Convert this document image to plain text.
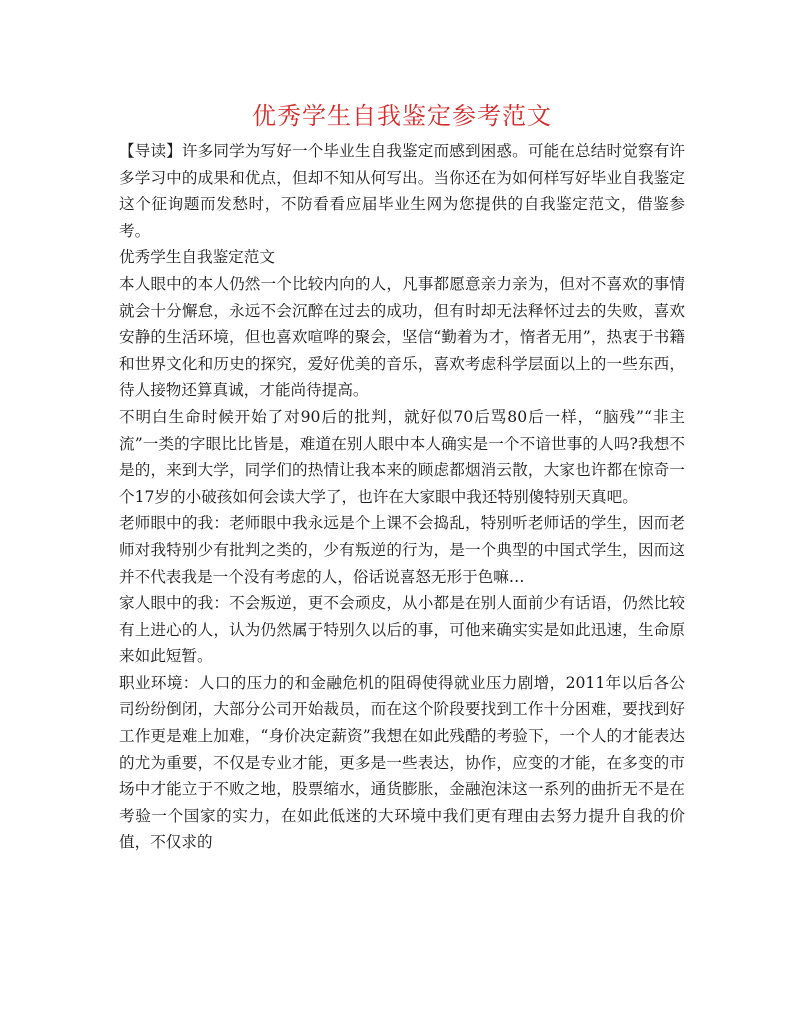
优秀学生自我鉴定参考范文

【导读】许多同学为写好一个毕业生自我鉴定而感到困惑。可能在总结时觉察有许多学习中的成果和优点，但却不知从何写出。当你还在为如何样写好毕业自我鉴定这个征询题而发愁时，不防看看应届毕业生网为您提供的自我鉴定范文，借鉴参考。

优秀学生自我鉴定范文

本人眼中的本人仍然一个比较内向的人，凡事都愿意亲力亲为，但对不喜欢的事情就会十分懈怠，永远不会沉醉在过去的成功，但有时却无法释怀过去的失败，喜欢安静的生活环境，但也喜欢喧哗的聚会，坚信“勤着为才，惰者无用”，热衷于书籍和世界文化和历史的探究，爱好优美的音乐，喜欢考虑科学层面以上的一些东西，待人接物还算真诚，才能尚待提高。

不明白生命时候开始了对90后的批判，就好似70后骂80后一样，“脑残”“非主流”一类的字眼比比皆是，难道在别人眼中本人确实是一个不谙世事的人吗?我想不是的，来到大学，同学们的热情让我本来的顾虑都烟消云散，大家也许都在惊奇一个17岁的小破孩如何会读大学了，也许在大家眼中我还特别傻特别天真吧。

老师眼中的我：老师眼中我永远是个上课不会捣乱，特别听老师话的学生，因而老师对我特别少有批判之类的，少有叛逆的行为，是一个典型的中国式学生，因而这并不代表我是一个没有考虑的人，俗话说喜怒无形于色嘛…

家人眼中的我：不会叛逆，更不会顽皮，从小都是在别人面前少有话语，仍然比较有上进心的人，认为仍然属于特别久以后的事，可他来确实实是如此迅速，生命原来如此短暂。

职业环境：人口的压力的和金融危机的阻碍使得就业压力剧增，2011年以后各公司纷纷倒闭，大部分公司开始裁员，而在这个阶段要找到工作十分困难，要找到好工作更是难上加难，“身价决定薪资”我想在如此残酷的考验下，一个人的才能表达的尤为重要，不仅是专业才能，更多是一些表达，协作，应变的才能，在多变的市场中才能立于不败之地，股票缩水，通货膨胀，金融泡沫这一系列的曲折无不是在考验一个国家的实力，在如此低迷的大环境中我们更有理由去努力提升自我的价值，不仅求的
